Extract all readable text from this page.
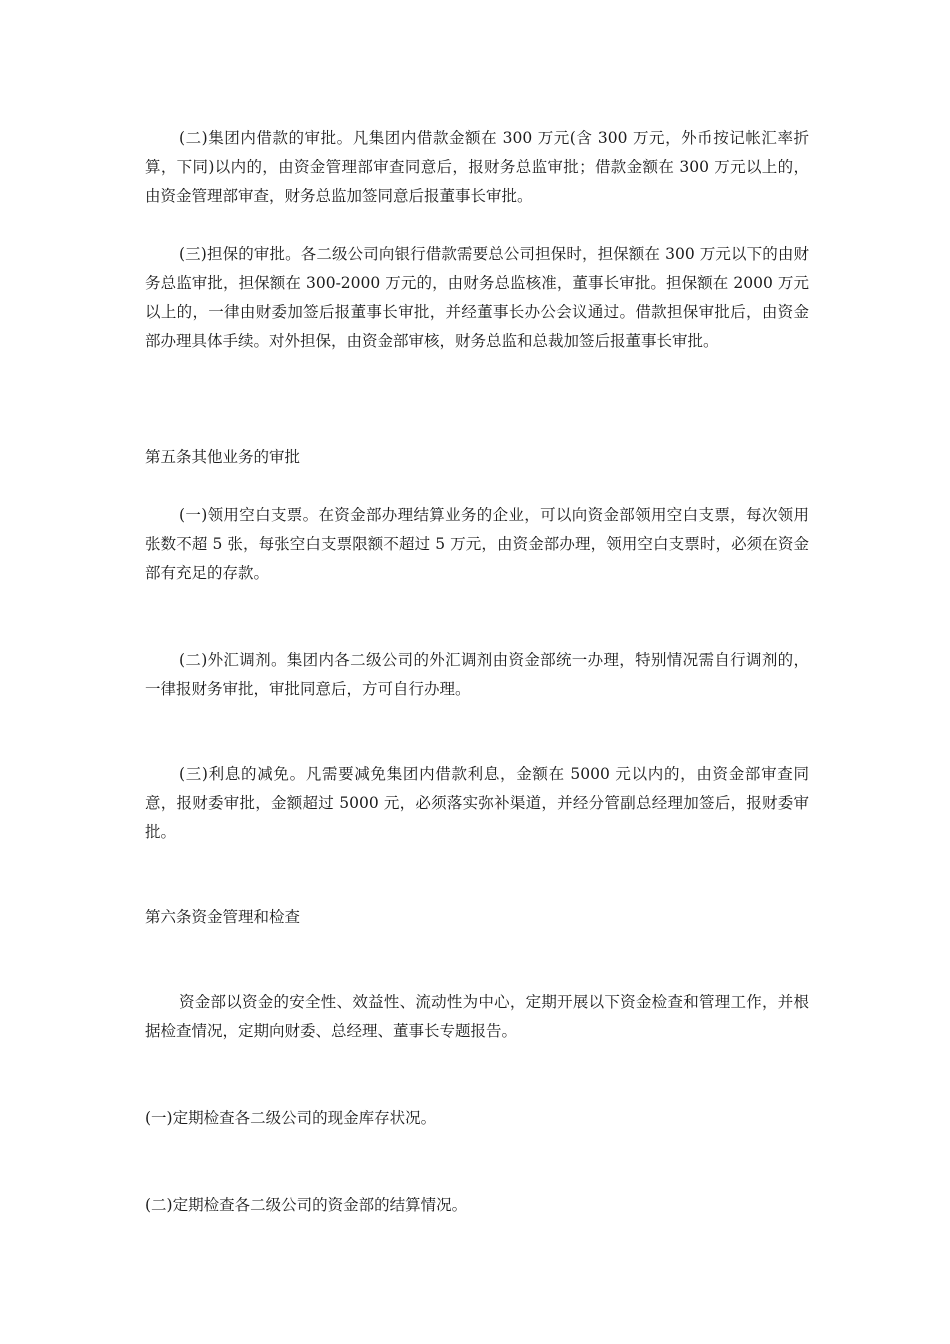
(二)集团内借款的审批。凡集团内借款金额在 300 万元(含 300 万元，外币按记帐汇率折算，下同)以内的，由资金管理部审查同意后，报财务总监审批；借款金额在 300 万元以上的，由资金管理部审查，财务总监加签同意后报董事长审批。

(三)担保的审批。各二级公司向银行借款需要总公司担保时，担保额在 300 万元以下的由财务总监审批，担保额在 300-2000 万元的，由财务总监核准，董事长审批。担保额在 2000 万元以上的，一律由财委加签后报董事长审批，并经董事长办公会议通过。借款担保审批后，由资金部办理具体手续。对外担保，由资金部审核，财务总监和总裁加签后报董事长审批。

第五条其他业务的审批

(一)领用空白支票。在资金部办理结算业务的企业，可以向资金部领用空白支票，每次领用张数不超 5 张，每张空白支票限额不超过 5 万元，由资金部办理，领用空白支票时，必须在资金部有充足的存款。

(二)外汇调剂。集团内各二级公司的外汇调剂由资金部统一办理，特别情况需自行调剂的，一律报财务审批，审批同意后，方可自行办理。

(三)利息的减免。凡需要减免集团内借款利息，金额在 5000 元以内的，由资金部审查同意，报财委审批，金额超过 5000 元，必须落实弥补渠道，并经分管副总经理加签后，报财委审批。

第六条资金管理和检查

资金部以资金的安全性、效益性、流动性为中心，定期开展以下资金检查和管理工作，并根据检查情况，定期向财委、总经理、董事长专题报告。

(一)定期检查各二级公司的现金库存状况。

(二)定期检查各二级公司的资金部的结算情况。
